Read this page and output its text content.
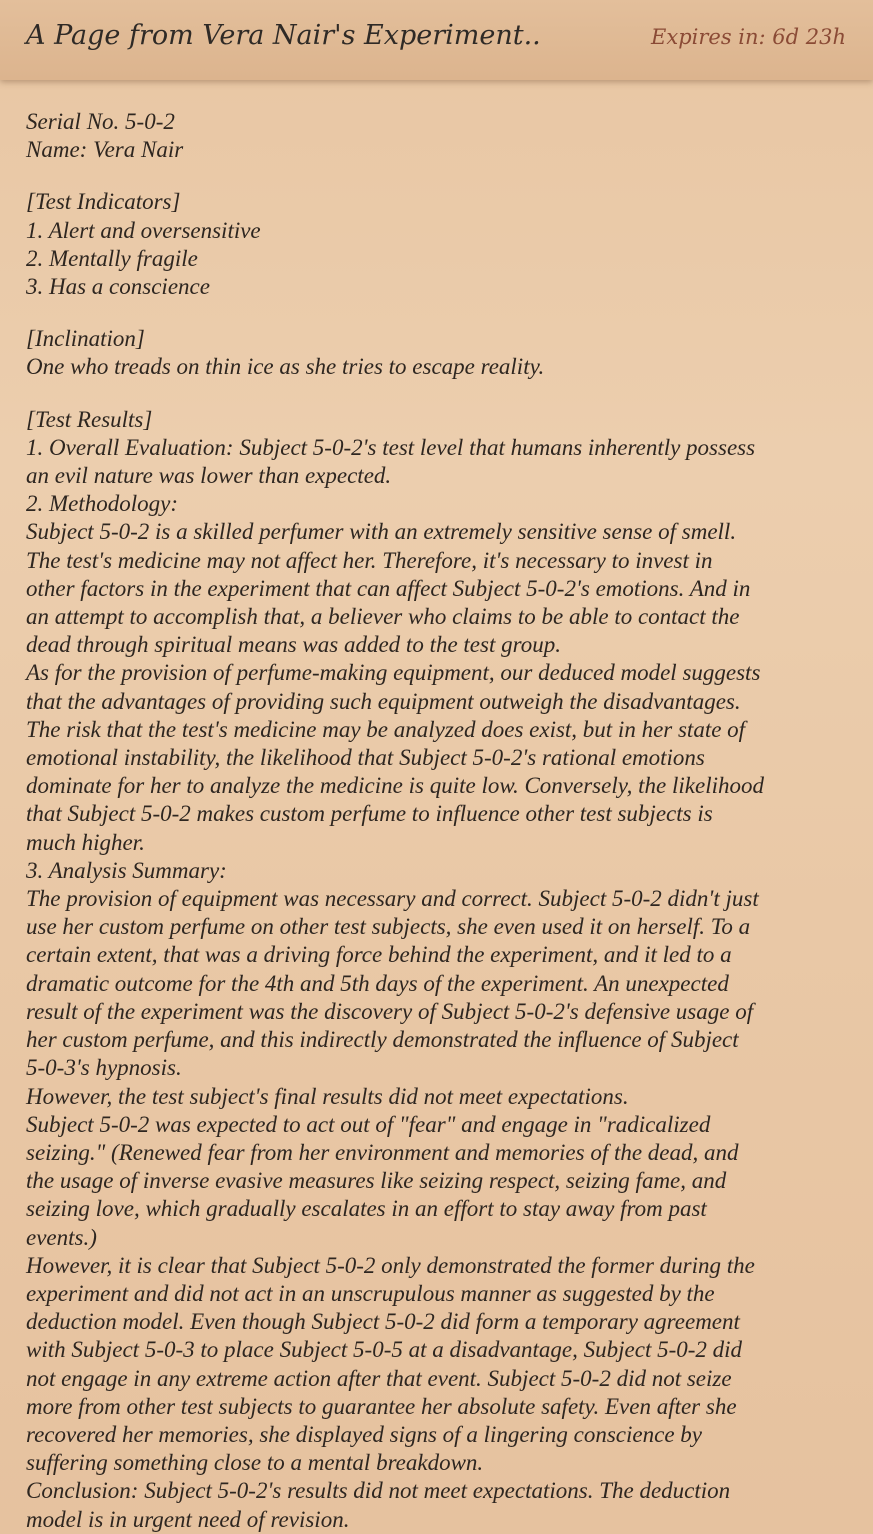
A Page from Vera Nair's Experiment..	Expires in: 6d 23h
Serial No. 5-0-2
Name: Vera Nair
[Test Indicators]
1. Alert and oversensitive
2. Mentally fragile
3. Has a conscience
[Inclination]
One who treads on thin ice as she tries to escape reality.
[Test Results]
1. Overall Evaluation: Subject 5-0-2's test level that humans inherently possess
an evil nature was lower than expected.
2. Methodology:
Subject 5-0-2 is a skilled perfumer with an extremely sensitive sense of smell.
The test's medicine may not affect her. Therefore, it's necessary to invest in
other factors in the experiment that can affect Subject 5-0-2's emotions. And in
an attempt to accomplish that, a believer who claims to be able to contact the
dead through spiritual means was added to the test group.
As for the provision of perfume-making equipment, our deduced model suggests
that the advantages of providing such equipment outweigh the disadvantages.
The risk that the test's medicine may be analyzed does exist, but in her state of
emotional instability, the likelihood that Subject 5-0-2's rational emotions
dominate for her to analyze the medicine is quite low. Conversely, the likelihood
that Subject 5-0-2 makes custom perfume to influence other test subjects is
much higher.
3. Analysis Summary:
The provision of equipment was necessary and correct. Subject 5-0-2 didn't just
use her custom perfume on other test subjects, she even used it on herself. To a
certain extent, that was a driving force behind the experiment, and it led to a
dramatic outcome for the 4th and 5th days of the experiment. An unexpected
result of the experiment was the discovery of Subject 5-0-2's defensive usage of
her custom perfume, and this indirectly demonstrated the influence of Subject
5-0-3's hypnosis.
However, the test subject's final results did not meet expectations.
Subject 5-0-2 was expected to act out of "fear" and engage in "radicalized
seizing." (Renewed fear from her environment and memories of the dead, and
the usage of inverse evasive measures like seizing respect, seizing fame, and
seizing love, which gradually escalates in an effort to stay away from past
events.)
However, it is clear that Subject 5-0-2 only demonstrated the former during the
experiment and did not act in an unscrupulous manner as suggested by the
deduction model. Even though Subject 5-0-2 did form a temporary agreement
with Subject 5-0-3 to place Subject 5-0-5 at a disadvantage, Subject 5-0-2 did
not engage in any extreme action after that event. Subject 5-0-2 did not seize
more from other test subjects to guarantee her absolute safety. Even after she
recovered her memories, she displayed signs of a lingering conscience by
suffering something close to a mental breakdown.
Conclusion: Subject 5-0-2's results did not meet expectations. The deduction
model is in urgent need of revision.
